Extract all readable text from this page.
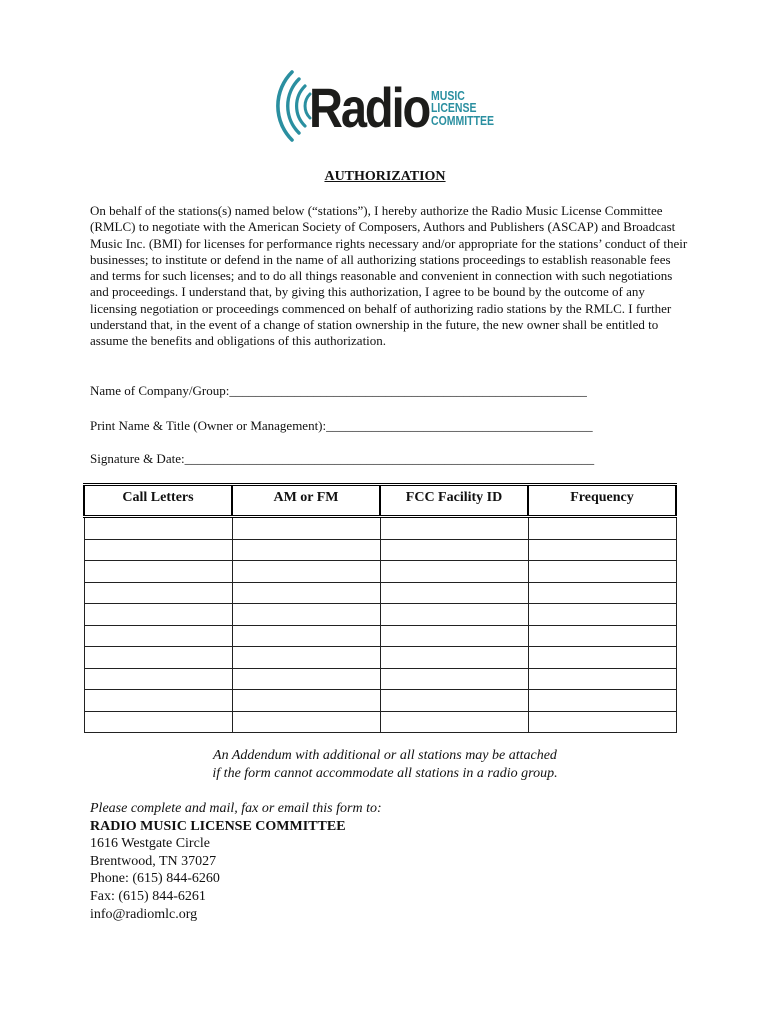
Radio MUSIC
LICENSE
COMMITTEE
AUTHORIZATION
On behalf of the stations(s) named below (“stations”), I hereby authorize the Radio Music License Committee (RMLC) to negotiate with the American Society of Composers, Authors and Publishers (ASCAP) and Broadcast Music Inc. (BMI) for licenses for performance rights necessary and/or appropriate for the stations’ conduct of their businesses; to institute or defend in the name of all authorizing stations proceedings to establish reasonable fees and terms for such licenses; and to do all things reasonable and convenient in connection with such negotiations and proceedings. I understand that, by giving this authorization, I agree to be bound by the outcome of any licensing negotiation or proceedings commenced on behalf of authorizing radio stations by the RMLC. I further understand that, in the event of a change of station ownership in the future, the new owner shall be entitled to assume the benefits and obligations of this authorization.
Name of Company/Group:_______________________________________________________
Print Name & Title (Owner or Management):_________________________________________
Signature & Date:_______________________________________________________________
Call Letters	AM or FM	FCC Facility ID	Frequency

An Addendum with additional or all stations may be attached
if the form cannot accommodate all stations in a radio group.
Please complete and mail, fax or email this form to:
RADIO MUSIC LICENSE COMMITTEE
1616 Westgate Circle
Brentwood, TN 37027
Phone: (615) 844-6260
Fax: (615) 844-6261
info@radiomlc.org
